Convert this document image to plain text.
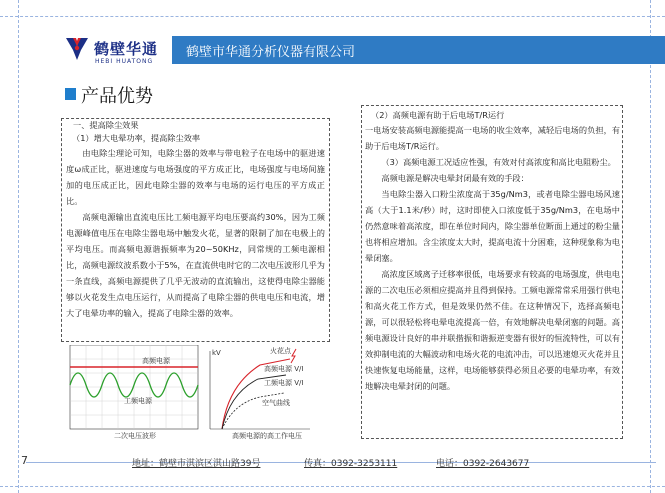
鹤壁华通
HEBI HUATONG
鹤壁市华通分析仪器有限公司
产品优势
一、提高除尘效果
（1）增大电晕功率，提高除尘效率

由电除尘理论可知，电除尘器的效率与带电粒子在电场中的驱进速度ω成正比，驱进速度与电场强度的平方成正比，电场强度与电场间施加的电压成正比，因此电除尘器的效率与电场的运行电压的平方成正比。

高频电源输出直流电压比工频电源平均电压要高约30%，因为工频电源峰值电压在电除尘器电场中触发火花，显著的限制了加在电极上的平均电压。而高频电源谐振频率为20~50KHz，同常规的工频电源相比，高频电源纹波系数小于5%，在直流供电时它的二次电压波形几乎为一条直线，高频电源提供了几乎无波动的直流输出，这使得电除尘器能够以火花发生点电压运行，从而提高了电除尘器的供电电压和电流，增大了电晕功率的输入，提高了电除尘器的效率。

高频电源
工频电源
二次电压波形
kV	火花点
高频电源 V/I
工频电源 V/I
空气曲线
高频电源的高工作电压
（2）高频电源有助于后电场T/R运行

一电场安装高频电源能提高一电场的收尘效率，减轻后电场的负担，有助于后电场T/R运行。

（3）高频电源工况适应性强，有效对付高浓度和高比电阻粉尘。

高频电源是解决电晕封闭最有效的手段：

当电除尘器入口粉尘浓度高于35g/Nm3，或者电除尘器电场风速高（大于1.1米/秒）时，这时即使入口浓度低于35g/Nm3，在电场中仍然意味着高浓度，即在单位时间内，除尘器单位断面上通过的粉尘量也将相应增加。含尘浓度太大时，提高电流十分困难，这种现象称为电晕闭塞。

高浓度区域离子迁移率很低，电场要求有较高的电场强度，供电电源的二次电压必须相应提高并且得到保持。工频电源常常采用强行供电和高火花工作方式，但是效果仍然不佳。在这种情况下，选择高频电源，可以很轻松将电晕电流提高一倍，有效地解决电晕闭塞的问题。高频电源设计良好的串并联揩振和谐振逆变器有很好的恒流特性，可以有效抑制电流的大幅波动和电场火花的电流冲击，可以迅速熄灭火花并且快速恢复电场能量，这样，电场能够获得必须且必要的电晕功率，有效地解决电晕封闭的问题。

7	地址：鹤壁市淇滨区淇山路39号	传真：0392-3253111	电话：0392-2643677
